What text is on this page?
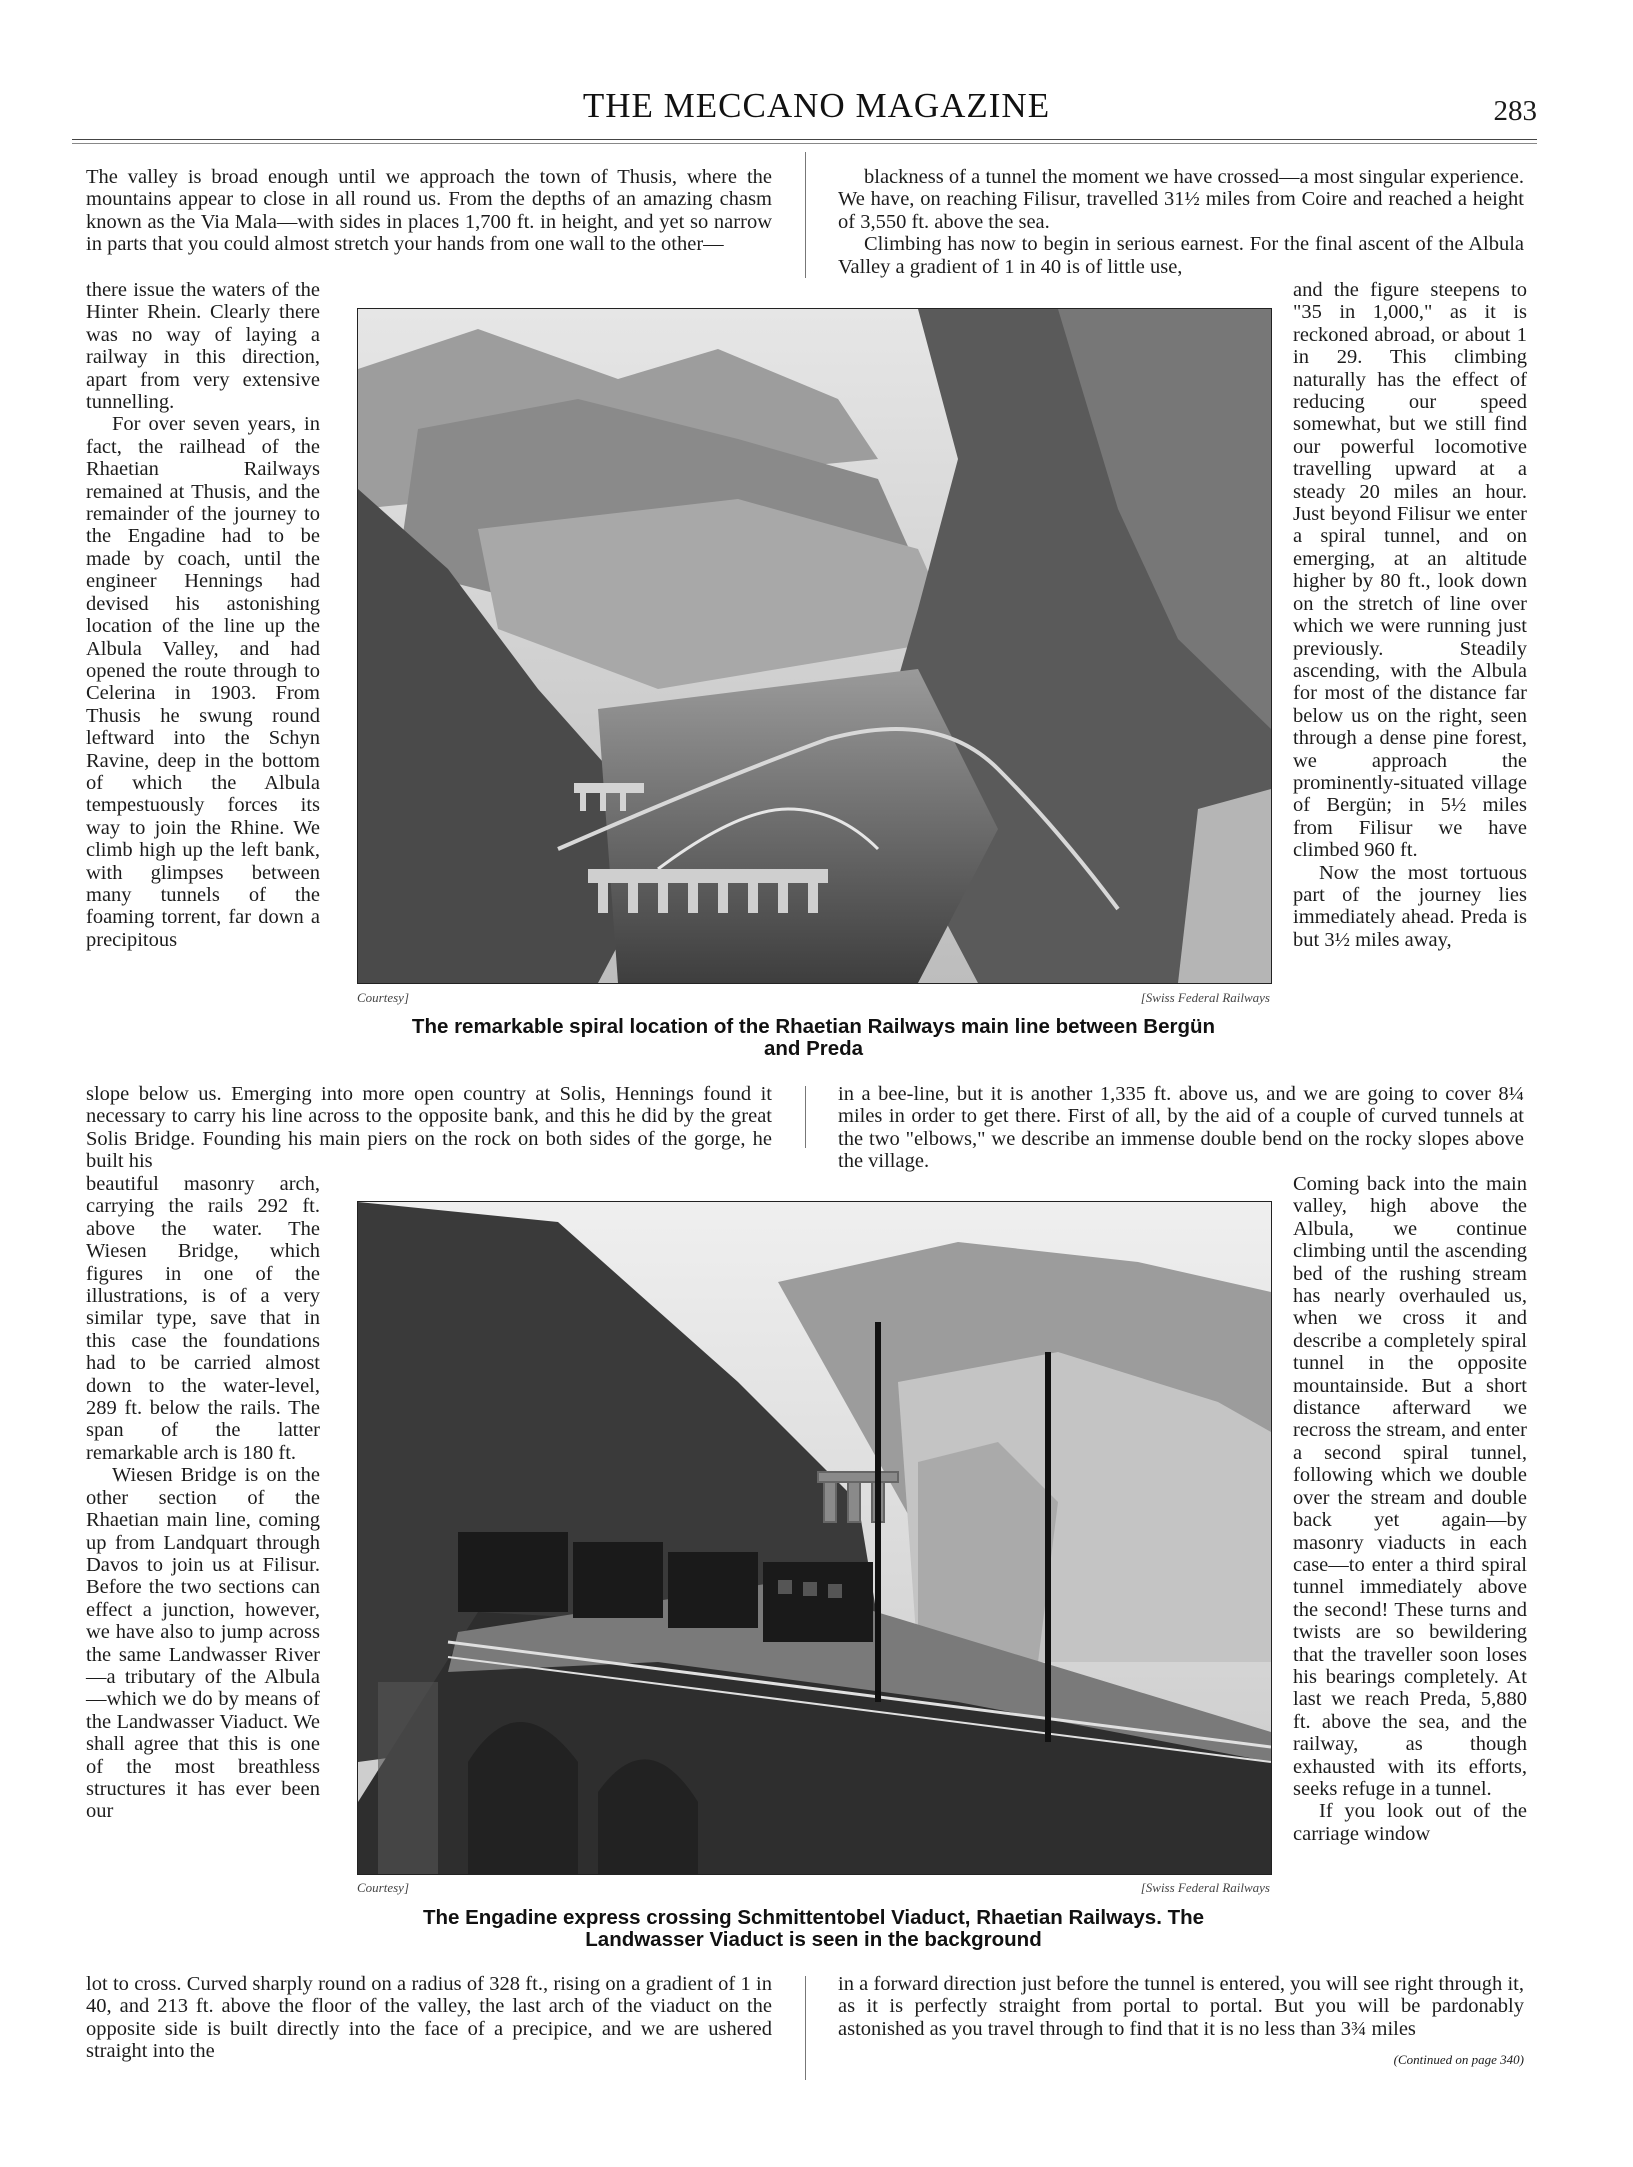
THE MECCANO MAGAZINE	283

The valley is broad enough until we approach the town of Thusis, where the mountains appear to close in all round us. From the depths of an amazing chasm known as the Via Mala—with sides in places 1,700 ft. in height, and yet so narrow in parts that you could almost stretch your hands from one wall to the other—

blackness of a tunnel the moment we have crossed—a most singular experience. We have, on reaching Filisur, travelled 31½ miles from Coire and reached a height of 3,550 ft. above the sea.

Climbing has now to begin in serious earnest. For the final ascent of the Albula Valley a gradient of 1 in 40 is of little use,

there issue the waters of the Hinter Rhein. Clearly there was no way of laying a railway in this direction, apart from very extensive tunnelling.

For over seven years, in fact, the railhead of the Rhaetian Railways remained at Thusis, and the remainder of the journey to the Engadine had to be made by coach, until the engineer Hennings had devised his astonishing location of the line up the Albula Valley, and had opened the route through to Celerina in 1903. From Thusis he swung round leftward into the Schyn Ravine, deep in the bottom of which the Albula tempestuously forces its way to join the Rhine. We climb high up the left bank, with glimpses between many tunnels of the foaming torrent, far down a precipitous

and the figure steepens to "35 in 1,000," as it is reckoned abroad, or about 1 in 29. This climbing naturally has the effect of reducing our speed somewhat, but we still find our powerful locomotive travelling upward at a steady 20 miles an hour. Just beyond Filisur we enter a spiral tunnel, and on emerging, at an altitude higher by 80 ft., look down on the stretch of line over which we were running just previously. Steadily ascending, with the Albula for most of the distance far below us on the right, seen through a dense pine forest, we approach the prominently-situated village of Bergün; in 5½ miles from Filisur we have climbed 960 ft.

Now the most tortuous part of the journey lies immediately ahead. Preda is but 3½ miles away,

Courtesy]	[Swiss Federal Railways
The remarkable spiral location of the Rhaetian Railways main line between Bergün
and Preda

slope below us. Emerging into more open country at Solis, Hennings found it necessary to carry his line across to the opposite bank, and this he did by the great Solis Bridge. Founding his main piers on the rock on both sides of the gorge, he built his

in a bee-line, but it is another 1,335 ft. above us, and we are going to cover 8¼ miles in order to get there. First of all, by the aid of a couple of curved tunnels at the two "elbows," we describe an immense double bend on the rocky slopes above the village.

beautiful masonry arch, carrying the rails 292 ft. above the water. The Wiesen Bridge, which figures in one of the illustrations, is of a very similar type, save that in this case the foundations had to be carried almost down to the water-level, 289 ft. below the rails. The span of the latter remarkable arch is 180 ft.

Wiesen Bridge is on the other section of the Rhaetian main line, coming up from Landquart through Davos to join us at Filisur. Before the two sections can effect a junction, however, we have also to jump across the same Landwasser River—a tributary of the Albula—which we do by means of the Landwasser Viaduct. We shall agree that this is one of the most breathless structures it has ever been our

Coming back into the main valley, high above the Albula, we continue climbing until the ascending bed of the rushing stream has nearly overhauled us, when we cross it and describe a completely spiral tunnel in the opposite mountainside. But a short distance afterward we recross the stream, and enter a second spiral tunnel, following which we double over the stream and double back yet again—by masonry viaducts in each case—to enter a third spiral tunnel immediately above the second! These turns and twists are so bewildering that the traveller soon loses his bearings completely. At last we reach Preda, 5,880 ft. above the sea, and the railway, as though exhausted with its efforts, seeks refuge in a tunnel.

If you look out of the carriage window

Courtesy]	[Swiss Federal Railways
The Engadine express crossing Schmittentobel Viaduct, Rhaetian Railways. The
Landwasser Viaduct is seen in the background

lot to cross. Curved sharply round on a radius of 328 ft., rising on a gradient of 1 in 40, and 213 ft. above the floor of the valley, the last arch of the viaduct on the opposite side is built directly into the face of a precipice, and we are ushered straight into the

in a forward direction just before the tunnel is entered, you will see right through it, as it is perfectly straight from portal to portal. But you will be pardonably astonished as you travel through to find that it is no less than 3¾ miles

(Continued on page 340)
